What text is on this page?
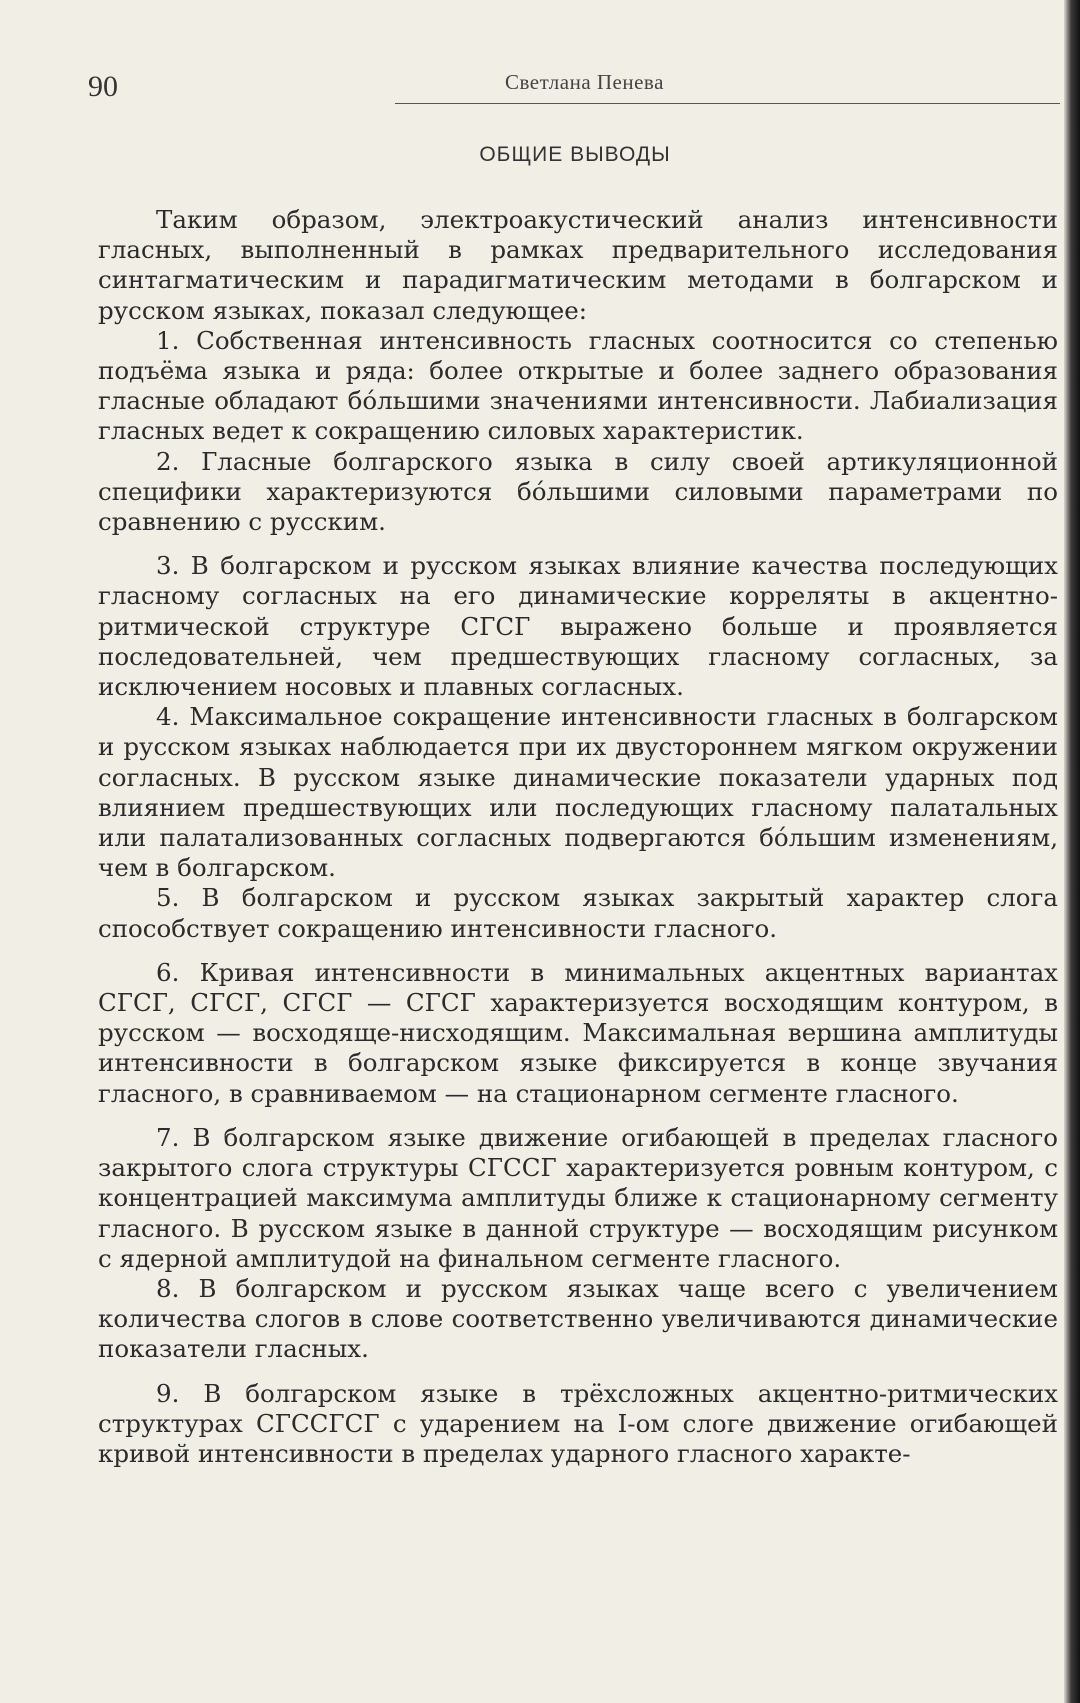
90	Светлана Пенева
ОБЩИЕ ВЫВОДЫ

Таким образом, электроакустический анализ интенсивности гласных, выполненный в рамках предварительного исследования синтагматическим и парадигматическим методами в болгарском и русском языках, показал следующее:

1. Собственная интенсивность гласных соотносится со степенью подъёма языка и ряда: более открытые и более заднего образования гласные обладают бóльшими значениями интенсивности. Лабиализация гласных ведет к сокращению силовых характеристик.

2. Гласные болгарского языка в силу своей артикуляционной специфики характеризуются бóльшими силовыми параметрами по сравнению с русским.

3. В болгарском и русском языках влияние качества последующих гласному согласных на его динамические корреляты в акцентно-ритмической структуре СГСГ выражено больше и проявляется последовательней, чем предшествующих гласному согласных, за исключением носовых и плавных согласных.

4. Максимальное сокращение интенсивности гласных в болгарском и русском языках наблюдается при их двустороннем мягком окружении согласных. В русском языке динамические показатели ударных под влиянием предшествующих или последующих гласному палатальных или палатализованных согласных подвергаются бóльшим изменениям, чем в болгарском.

5. В болгарском и русском языках закрытый характер слога способствует сокращению интенсивности гласного.

6. Кривая интенсивности в минимальных акцентных вариантах СГСГ, СГСГ, СГСГ — СГСГ характеризуется восходящим контуром, в русском — восходяще-нисходящим. Максимальная вершина амплитуды интенсивности в болгарском языке фиксируется в конце звучания гласного, в сравниваемом — на стационарном сегменте гласного.

7. В болгарском языке движение огибающей в пределах гласного закрытого слога структуры СГССГ характеризуется ровным контуром, с концентрацией максимума амплитуды ближе к стационарному сегменту гласного. В русском языке в данной структуре — восходящим рисунком с ядерной амплитудой на финальном сегменте гласного.

8. В болгарском и русском языках чаще всего с увеличением количества слогов в слове соответственно увеличиваются динамические показатели гласных.

9. В болгарском языке в трёхсложных акцентно-ритмических структурах СГССГСГ с ударением на I-ом слоге движение огибающей кривой интенсивности в пределах ударного гласного характе-
